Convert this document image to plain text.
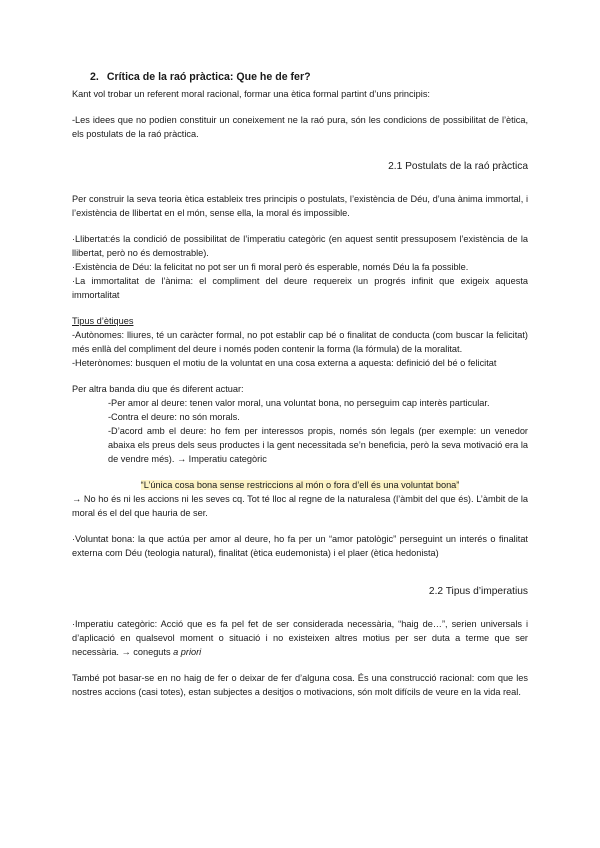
2. Crítica de la raó pràctica: Que he de fer?

Kant vol trobar un referent moral racional, formar una ètica formal partint d’uns principis:

-Les idees que no podien constituir un coneixement ne la raó pura, són les condicions de possibilitat de l’ètica, els postulats de la raó pràctica.

2.1 Postulats de la raó pràctica

Per construir la seva teoria ètica estableix tres principis o postulats, l’existència de Déu, d’una ànima immortal, i l’existència de llibertat en el món, sense ella, la moral és impossible.

·Llibertat:és la condició de possibilitat de l’imperatiu categòric (en aquest sentit pressuposem l’existència de la llibertat, però no és demostrable).

·Existència de Déu: la felicitat no pot ser un fi moral però és esperable, només Déu la fa possible.

·La immortalitat de l’ànima: el compliment del deure requereix un progrés infinit que exigeix aquesta immortalitat

Tipus d’ètiques

-Autònomes: lliures, té un caràcter formal, no pot establir cap bé o finalitat de conducta (com buscar la felicitat) més enllà del compliment del deure i només poden contenir la forma (la fórmula) de la moralitat.

-Heterònomes: busquen el motiu de la voluntat en una cosa externa a aquesta: definició del bé o felicitat

Per altra banda diu que és diferent actuar:

-Per amor al deure: tenen valor moral, una voluntat bona, no perseguim cap interès particular.

-Contra el deure: no són morals.

-D’acord amb el deure: ho fem per interessos propis, només són legals (per exemple: un venedor abaixa els preus dels seus productes i la gent necessitada se’n beneficia, però la seva motivació era la de vendre més). → Imperatiu categòric

“L’única cosa bona sense restriccions al món o fora d’ell és una voluntat bona”

→ No ho és ni les accions ni les seves cq. Tot té lloc al regne de la naturalesa (l’àmbit del que és). L’àmbit de la moral és el del que hauria de ser.

·Voluntat bona: la que actúa per amor al deure, ho fa per un “amor patològic” perseguint un interés o finalitat externa com Déu (teologia natural), finalitat (ètica eudemonista) i el plaer (ètica hedonista)

2.2 Tipus d’imperatius

·Imperatiu categòric: Acció que es fa pel fet de ser considerada necessària, “haig de…”, serien universals i d’aplicació en qualsevol moment o situació i no existeixen altres motius per ser duta a terme que ser necessària. → coneguts a priori

També pot basar-se en no haig de fer o deixar de fer d’alguna cosa. És una construcció racional: com que les nostres accions (casi totes), estan subjectes a desitjos o motivacions, són molt difícils de veure en la vida real.
